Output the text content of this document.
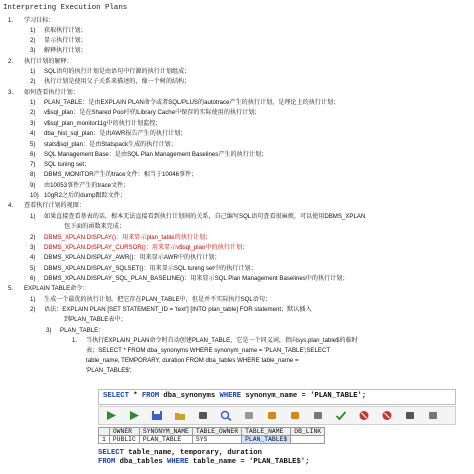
Interpreting Execution Plans
1. 学习目标：
1) 获取执行计划；
2) 显示执行计划；
3) 解释执行计划；
2. 执行计划的解释：
1) SQL语句的执行计划是由语句中行源的执行计划组成；
2) 执行计划是使用父子关系来描述的，像一个树的结构；
3. 如何查看执行计划：
1) PLAN_TABLE：是由EXPLAIN PLAN命令或者SQL/PLUS的autotrace产生的执行计划，是理论上的执行计划；
2) v$sql_plan：是在Shared Pool中的Library Cache中保存的实际使用的执行计划；
3) v$sql_plan_monitor11g中的执行计划监控；
4) dba_hist_sql_plan：是由AWR报告产生的执行计划；
5) stats$sql_plan：是由Statspack生成的执行计划；
6) SQL Management Base：是由SQL Plan Management Baselines产生的执行计划；
7) SQL tuning set；
8) DBMS_MONITOR产生的trace文件：相当于10046事件；
9) 由10053事件产生的trace文件；
10) 10gR2之后的dump跟踪文件；
4. 查看执行计划的视图：
1) 如果直接查看基表的话，根本无法直接看到执行计划间的关系，自己编写SQL语句查看很麻烦，可以使用DBMS_XPLAN
包下面的函数来完成；
2) DBMS_XPLAN.DISPLAY()：用来显示plan_table的执行计划；
3) DBMS_XPLAN.DISPLAY_CURSOR()：用来显示v$sql_plan中的执行计划；
4) DBMS_XPLAN.DISPLAY_AWR()：用来显示AWR中的执行计划；
5) DBMS_XPLAN.DISPLAY_SQLSET()：用来显示SQL tuning set中的执行计划；
6) DBMS_XPLAN.DISPLAY_SQL_PLAN_BASELINE()：用来显示SQL Plan Management Baselines中的执行计划；
5. EXPLAIN TABLE命令：
1) 生成一个最优的执行计划，把它存在PLAN_TABLE中，但是并不实际执行SQL语句；
2) 语法：EXPLAIN PLAN [SET STATEMENT_ID = 'text'] [INTO plan_table] FOR statement；默认插入
到PLAN_TABLE表中；
3) PLAN_TABLE：
1. 当执行EXPLAIN_PLAN命令时自动创建PLAN_TABLE，它是一个同义词，指向sys.plan_table$的临时
表；SELECT * FROM dba_synonyms WHERE synonym_name = 'PLAN_TABLE';SELECT
table_name, TEMPORARY, duration FROM dba_tables WHERE table_name =
'PLAN_TABLE$';
SELECT * FROM dba_synonyms WHERE synonym_name = 'PLAN_TABLE';
	OWNER	SYNONYM_NAME	TABLE_OWNER	TABLE_NAME	DB_LINK
1	PUBLIC	PLAN_TABLE	SYS	PLAN_TABLE$	
SELECT table_name, temporary, duration
FROM dba_tables WHERE table_name = 'PLAN_TABLE$';
